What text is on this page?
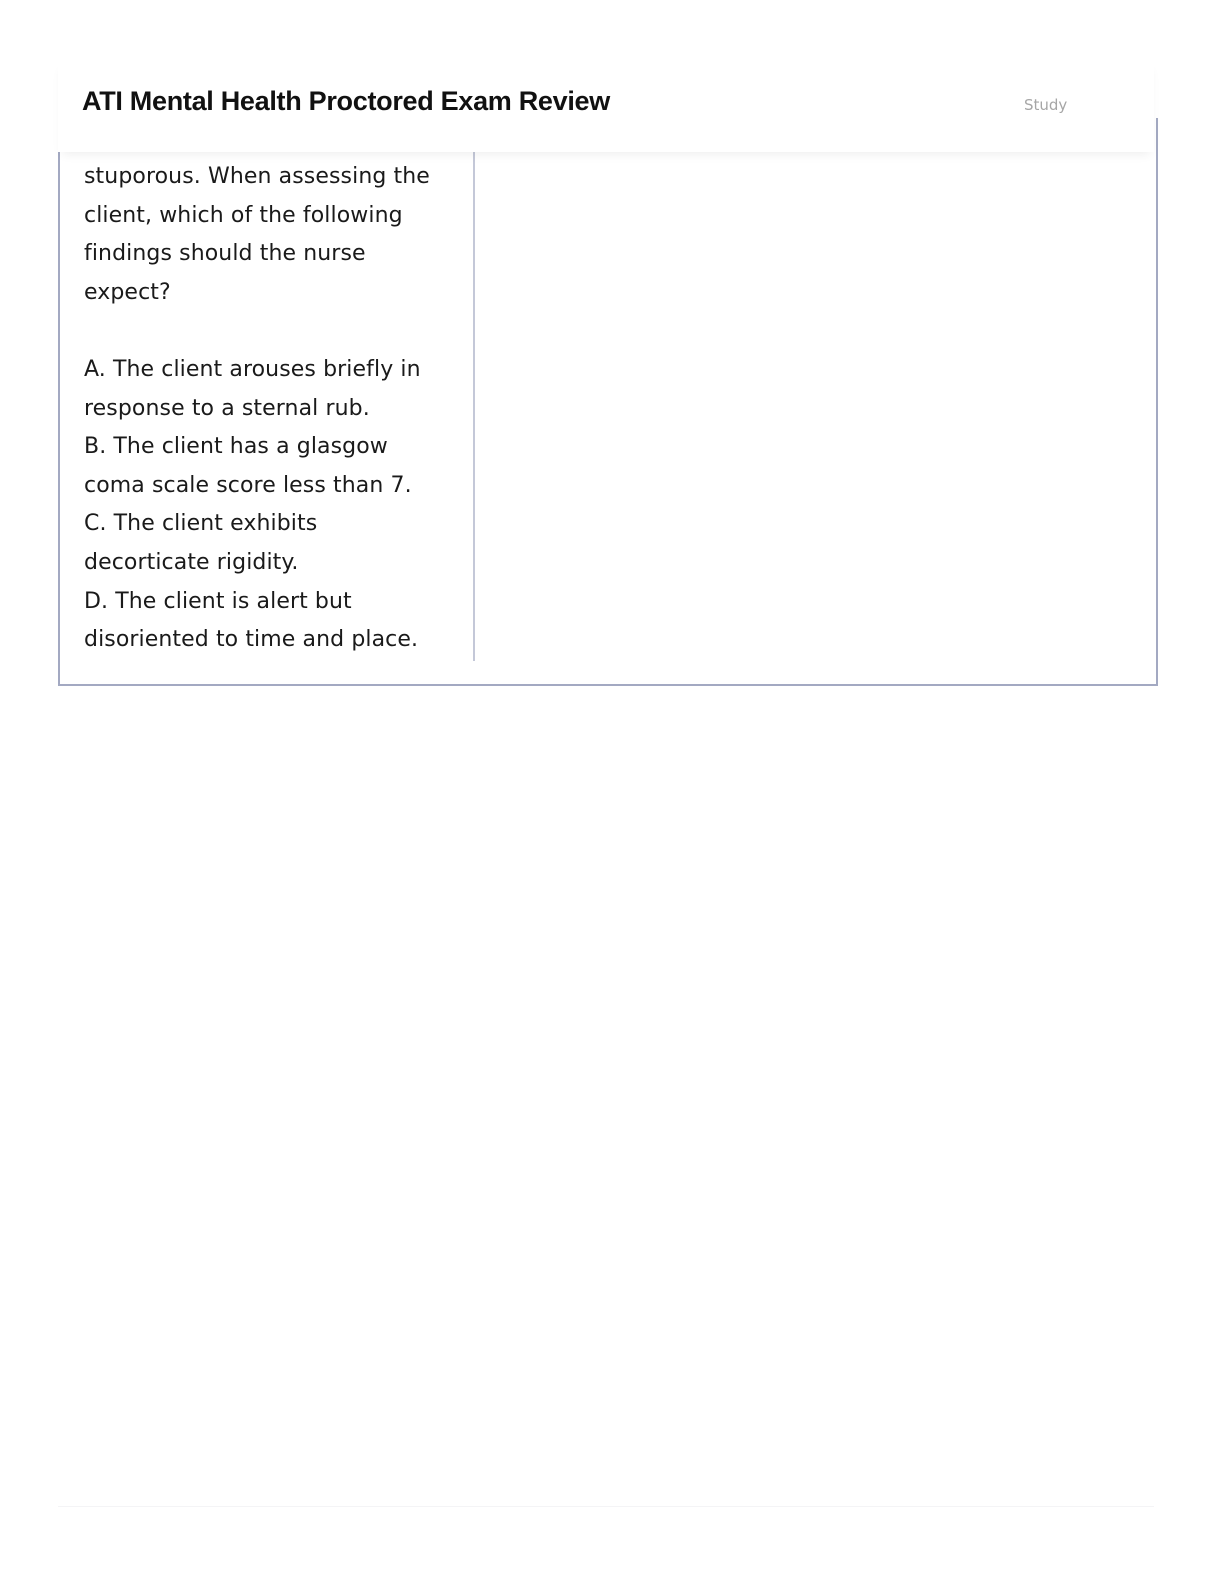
stuporous. When assessing the

client, which of the following

findings should the nurse

expect?

A. The client arouses briefly in

response to a sternal rub.

B. The client has a glasgow

coma scale score less than 7.

C. The client exhibits

decorticate rigidity.

D. The client is alert but

disoriented to time and place.

ATI Mental Health Proctored Exam Review	Study
